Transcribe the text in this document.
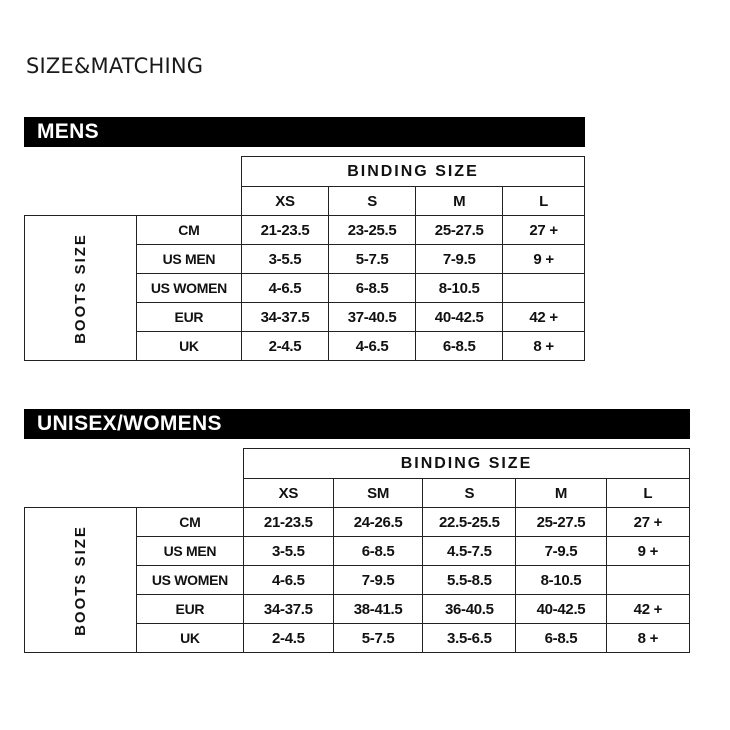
SIZE&MATCHING
MENS
		BINDING SIZE			
		XS	S	M	L
BOOTS SIZE	CM	21-23.5	23-25.5	25-27.5	27 +
	US MEN	3-5.5	5-7.5	7-9.5	9 +
	US WOMEN	4-6.5	6-8.5	8-10.5	
	EUR	34-37.5	37-40.5	40-42.5	42 +
	UK	2-4.5	4-6.5	6-8.5	8 +
UNISEX/WOMENS
		BINDING SIZE				
		XS	SM	S	M	L
BOOTS SIZE	CM	21-23.5	24-26.5	22.5-25.5	25-27.5	27 +
	US MEN	3-5.5	6-8.5	4.5-7.5	7-9.5	9 +
	US WOMEN	4-6.5	7-9.5	5.5-8.5	8-10.5	
	EUR	34-37.5	38-41.5	36-40.5	40-42.5	42 +
	UK	2-4.5	5-7.5	3.5-6.5	6-8.5	8 +
